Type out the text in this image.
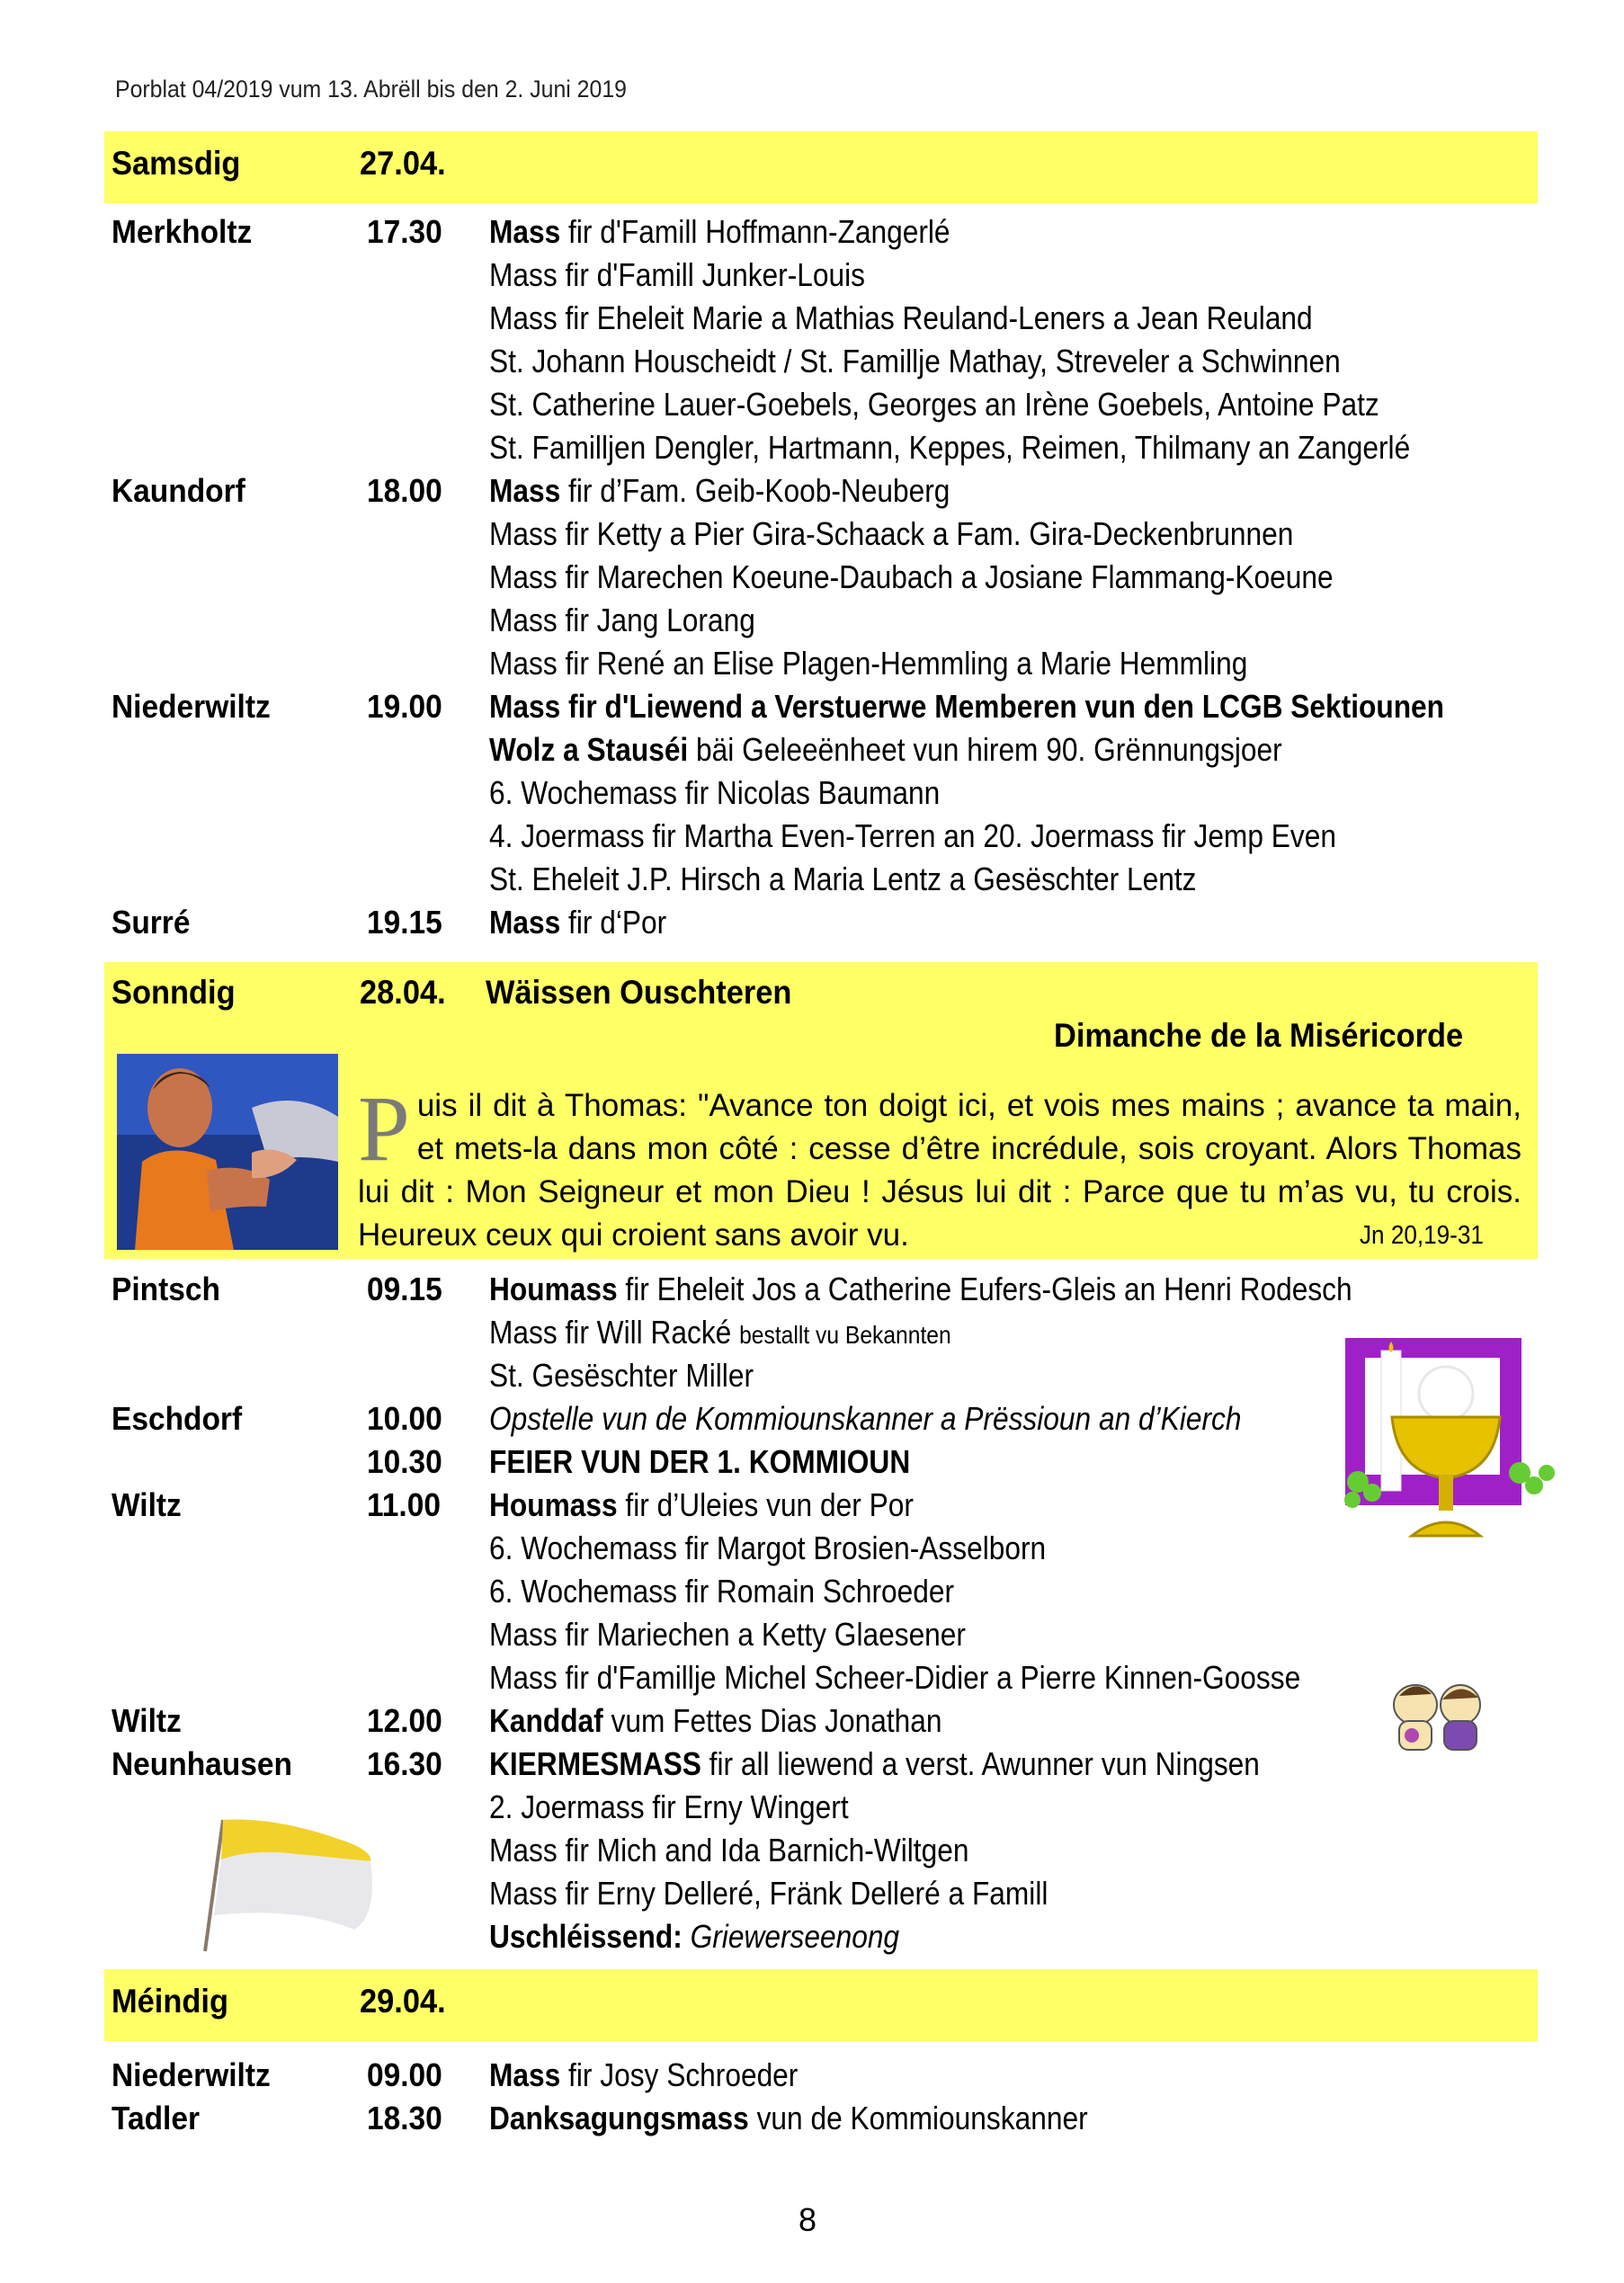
Porblat 04/2019 vum 13. Abrëll bis den 2. Juni 2019
Samsdig	27.04.
Merkholtz	17.30 Mass fir d'Famill Hoffmann-Zangerlé
Mass fir d'Famill Junker-Louis
Mass fir Eheleit Marie a Mathias Reuland-Leners a Jean Reuland
St. Johann Houscheidt / St. Famillje Mathay, Streveler a Schwinnen
St. Catherine Lauer-Goebels, Georges an Irène Goebels, Antoine Patz
St. Familljen Dengler, Hartmann, Keppes, Reimen, Thilmany an Zangerlé
Kaundorf	18.00 Mass fir d’Fam. Geib-Koob-Neuberg
Mass fir Ketty a Pier Gira-Schaack a Fam. Gira-Deckenbrunnen
Mass fir Marechen Koeune-Daubach a Josiane Flammang-Koeune
Mass fir Jang Lorang
Mass fir René an Elise Plagen-Hemmling a Marie Hemmling
Niederwiltz	19.00 Mass fir d'Liewend a Verstuerwe Memberen vun den LCGB Sektiounen
Wolz a Stauséi bäi Geleeënheet vun hirem 90. Grënnungsjoer
6. Wochemass fir Nicolas Baumann
4. Joermass fir Martha Even-Terren an 20. Joermass fir Jemp Even
St. Eheleit J.P. Hirsch a Maria Lentz a Gesëschter Lentz
Surré	19.15 Mass fir d‘Por
Sonndig	28.04. Wäissen Ouschteren
Dimanche de la Miséricorde
Puis il dit à Thomas: "Avance ton doigt ici, et vois mes mains ; avance ta main, et mets-la dans mon côté : cesse d’être incrédule, sois croyant. Alors Thomas lui dit : Mon Seigneur et mon Dieu ! Jésus lui dit : Parce que tu m’as vu, tu crois. Heureux ceux qui croient sans avoir vu.	Jn 20,19-31
Pintsch	09.15 Houmass fir Eheleit Jos a Catherine Eufers-Gleis an Henri Rodesch
Mass fir Will Racké bestallt vu Bekannten
St. Gesëschter Miller
Eschdorf	10.00 Opstelle vun de Kommiounskanner a Prëssioun an d’Kierch
10.30 FEIER VUN DER 1. KOMMIOUN
Wiltz	11.00 Houmass fir d’Uleies vun der Por
6. Wochemass fir Margot Brosien-Asselborn
6. Wochemass fir Romain Schroeder
Mass fir Mariechen a Ketty Glaesener
Mass fir d'Famillje Michel Scheer-Didier a Pierre Kinnen-Goosse
Wiltz	12.00 Kanddaf vum Fettes Dias Jonathan
Neunhausen 16.30 KIERMESMASS fir all liewend a verst. Awunner vun Ningsen
2. Joermass fir Erny Wingert
Mass fir Mich and Ida Barnich-Wiltgen
Mass fir Erny Delleré, Fränk Delleré a Famill
Uschléissend: Griewerseenong
Méindig	29.04.
Niederwiltz	09.00 Mass fir Josy Schroeder
Tadler	18.30 Danksagungsmass vun de Kommiounskanner
8
